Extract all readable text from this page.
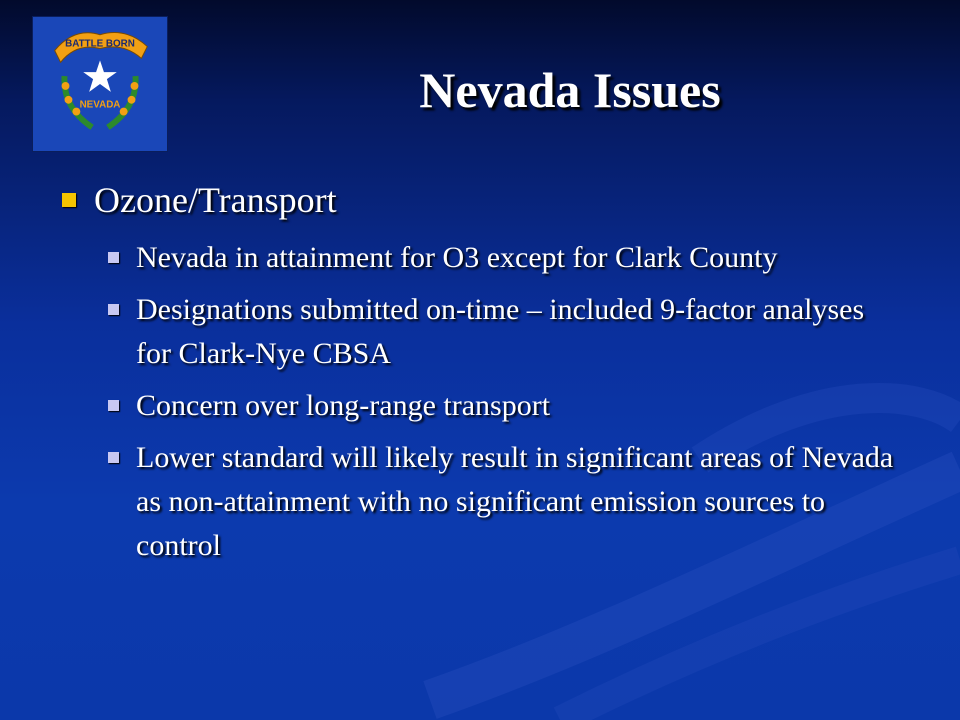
BATTLE BORN
NEVADA	Nevada Issues
Ozone/Transport
Nevada in attainment for O3 except for Clark County
Designations submitted on-time – included 9-factor analyses for Clark-Nye CBSA
Concern over long-range transport
Lower standard will likely result in significant areas of Nevada as non-attainment with no significant emission sources to control
